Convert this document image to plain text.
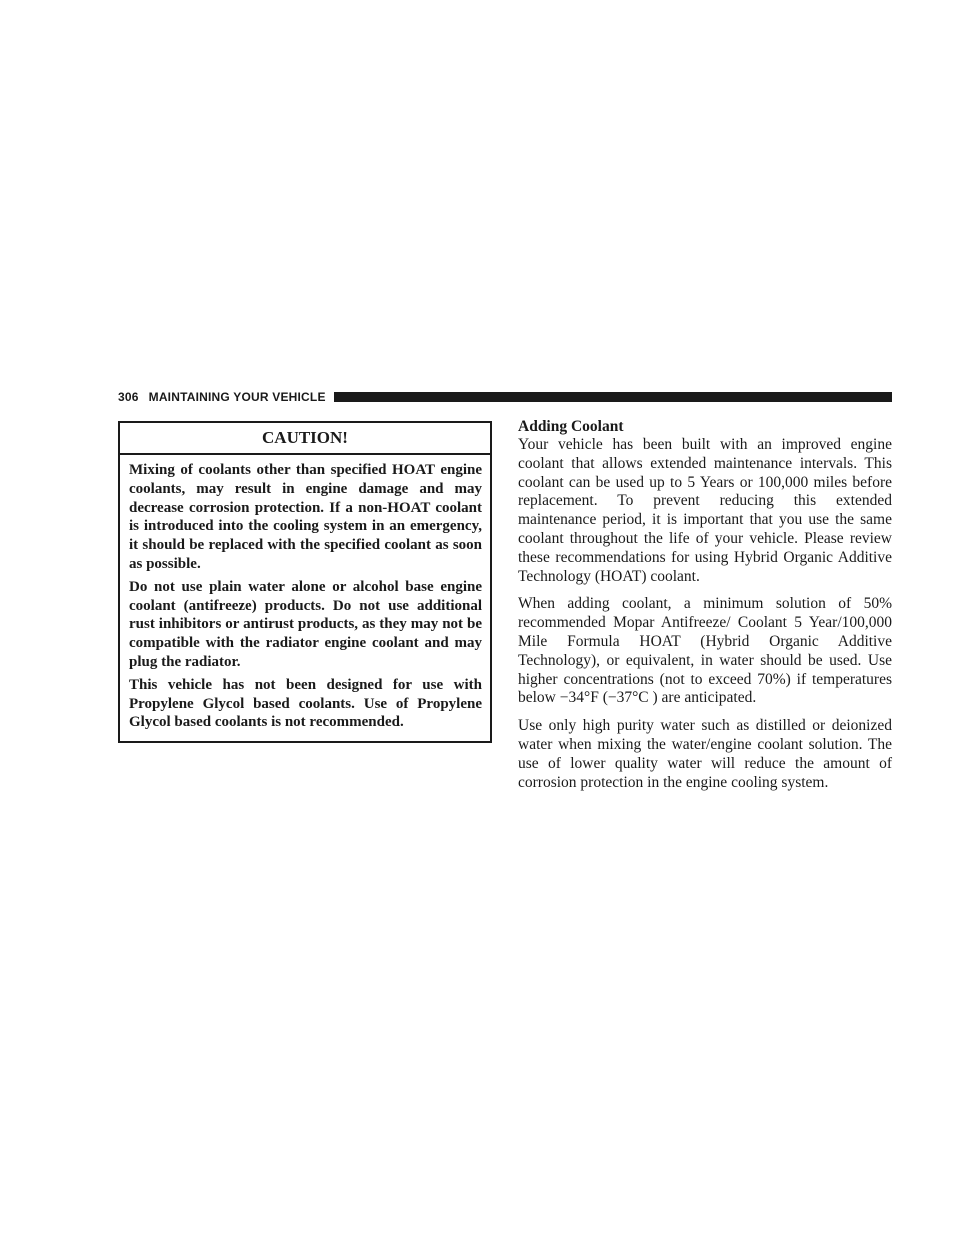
306 MAINTAINING YOUR VEHICLE
CAUTION!

Mixing of coolants other than specified HOAT engine coolants, may result in engine damage and may decrease corrosion protection. If a non-HOAT coolant is introduced into the cooling system in an emergency, it should be replaced with the specified coolant as soon as possible.

Do not use plain water alone or alcohol base engine coolant (antifreeze) products. Do not use additional rust inhibitors or antirust products, as they may not be compatible with the radiator engine coolant and may plug the radiator.

This vehicle has not been designed for use with Propylene Glycol based coolants. Use of Propylene Glycol based coolants is not recommended.

Adding Coolant

Your vehicle has been built with an improved engine coolant that allows extended maintenance intervals. This coolant can be used up to 5 Years or 100,000 miles before replacement. To prevent reducing this extended maintenance period, it is important that you use the same coolant throughout the life of your vehicle. Please review these recommendations for using Hybrid Organic Additive Technology (HOAT) coolant.

When adding coolant, a minimum solution of 50% recommended Mopar Antifreeze/ Coolant 5 Year/100,000 Mile Formula HOAT (Hybrid Organic Additive Technology), or equivalent, in water should be used. Use higher concentrations (not to exceed 70%) if temperatures below −34°F (−37°C ) are anticipated.

Use only high purity water such as distilled or deionized water when mixing the water/engine coolant solution. The use of lower quality water will reduce the amount of corrosion protection in the engine cooling system.
